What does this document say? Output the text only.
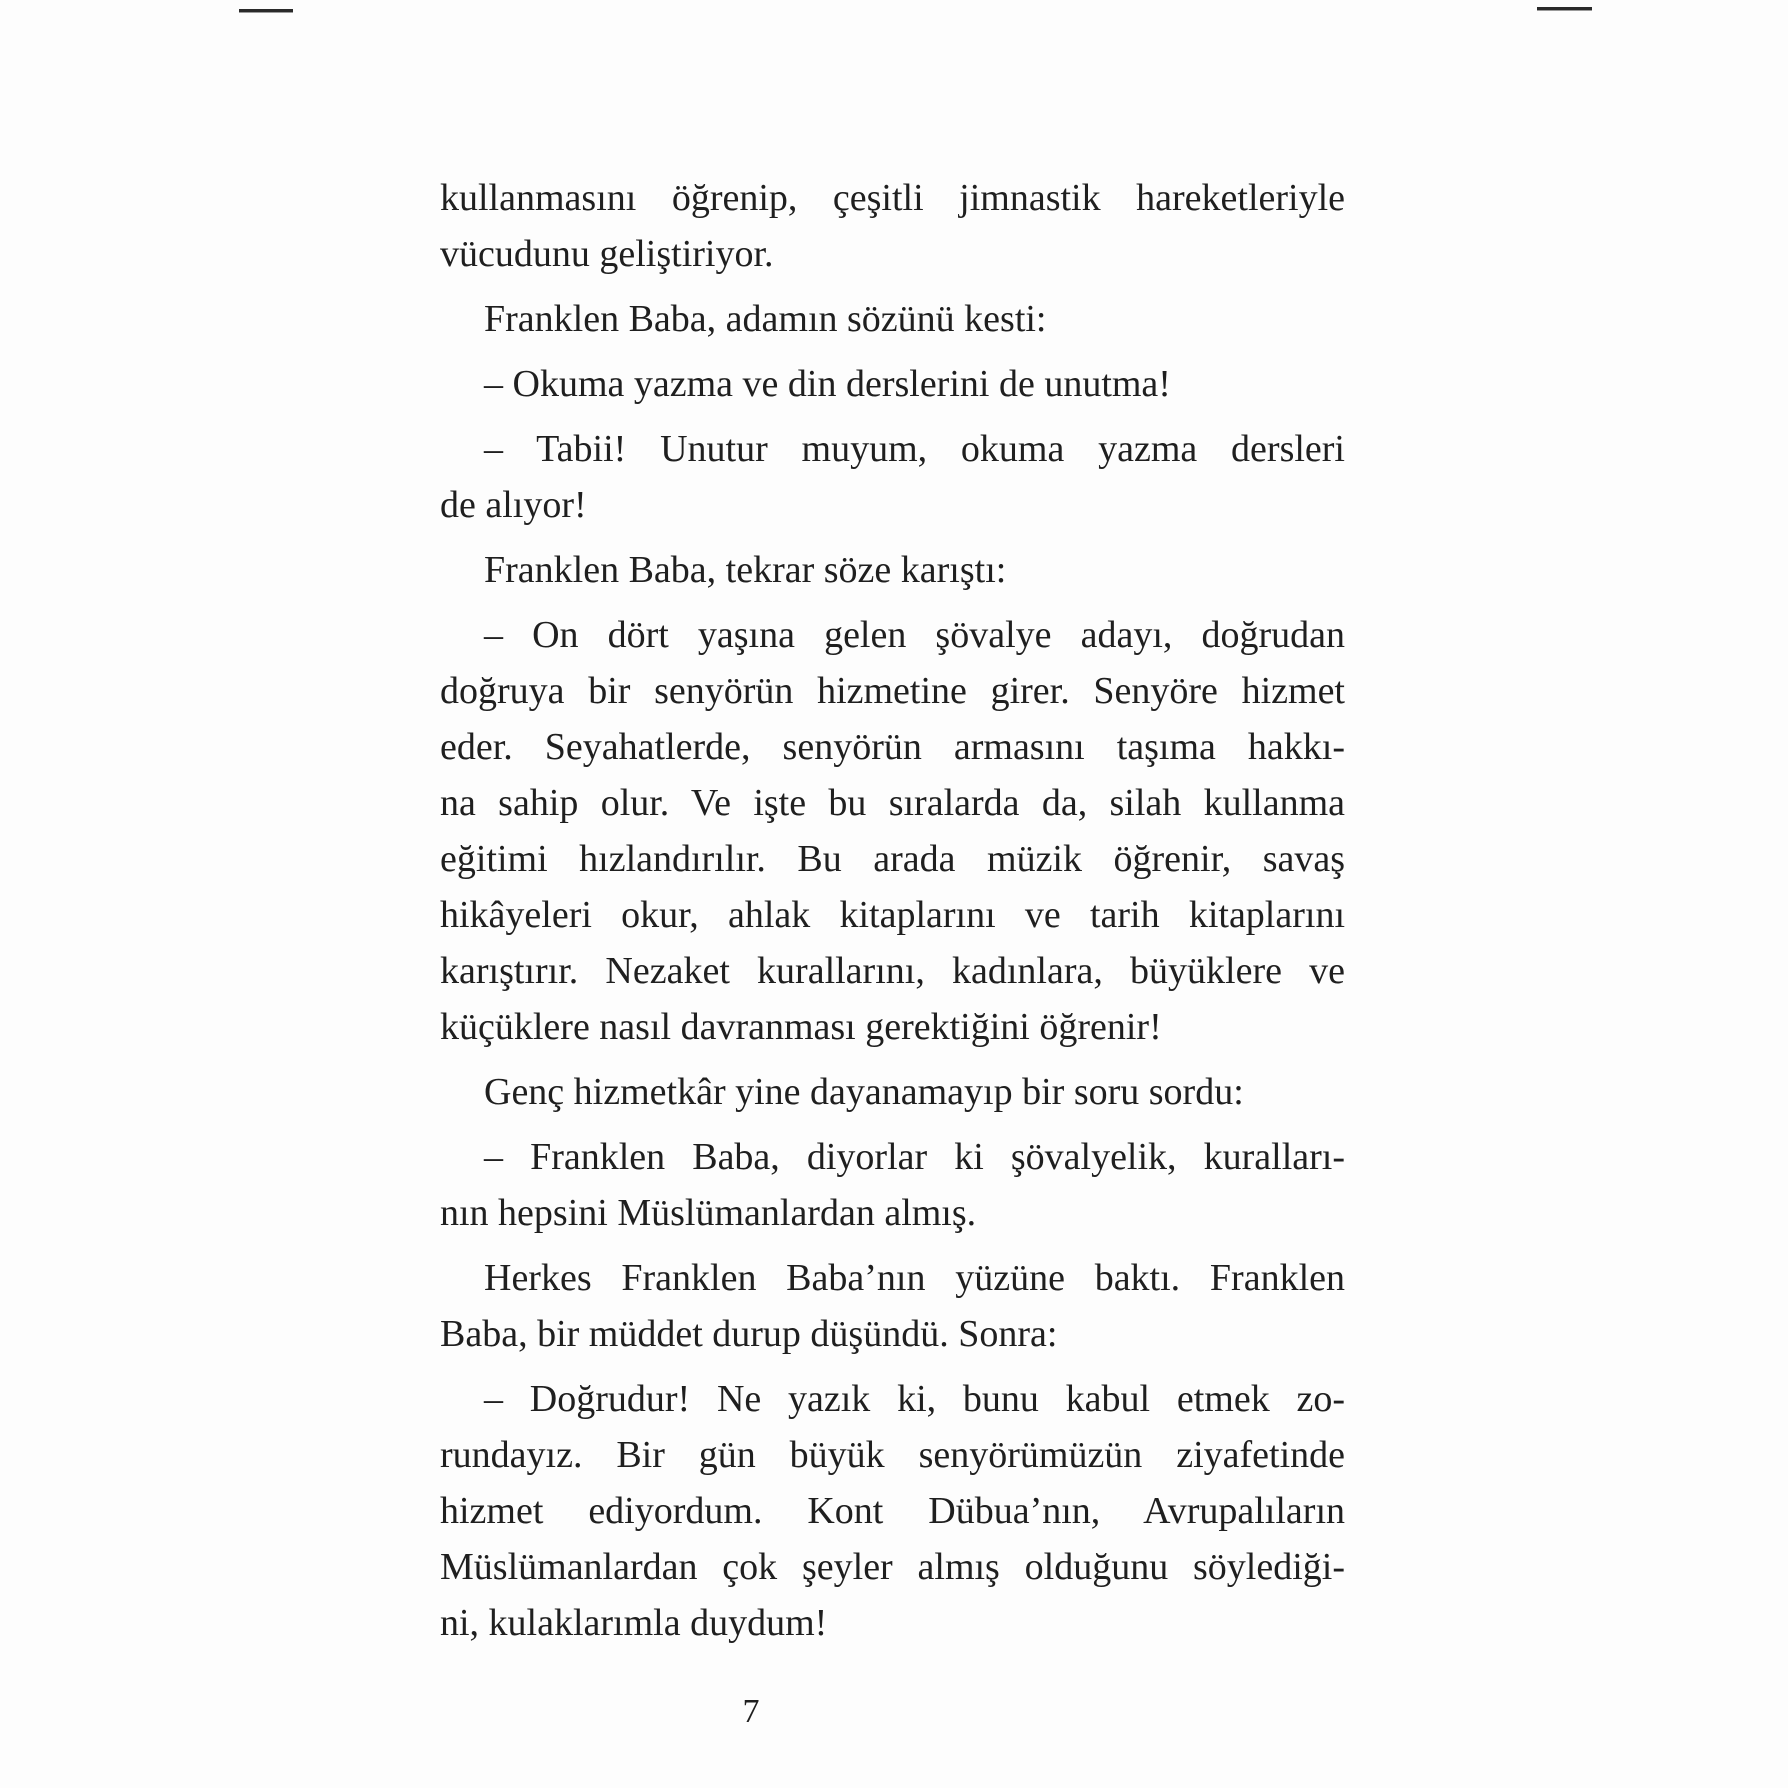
kullanmasını öğrenip, çeşitli jimnastik hareketleriyle
vücudunu geliştiriyor.
Franklen Baba, adamın sözünü kesti:
– Okuma yazma ve din derslerini de unutma!
– Tabii! Unutur muyum, okuma yazma dersleri
de alıyor!
Franklen Baba, tekrar söze karıştı:
– On dört yaşına gelen şövalye adayı, doğrudan
doğruya bir senyörün hizmetine girer. Senyöre hizmet
eder. Seyahatlerde, senyörün armasını taşıma hakkı-
na sahip olur. Ve işte bu sıralarda da, silah kullanma
eğitimi hızlandırılır. Bu arada müzik öğrenir, savaş
hikâyeleri okur, ahlak kitaplarını ve tarih kitaplarını
karıştırır. Nezaket kurallarını, kadınlara, büyüklere ve
küçüklere nasıl davranması gerektiğini öğrenir!
Genç hizmetkâr yine dayanamayıp bir soru sordu:
– Franklen Baba, diyorlar ki şövalyelik, kuralları-
nın hepsini Müslümanlardan almış.
Herkes Franklen Baba’nın yüzüne baktı. Franklen
Baba, bir müddet durup düşündü. Sonra:
– Doğrudur! Ne yazık ki, bunu kabul etmek zo-
rundayız. Bir gün büyük senyörümüzün ziyafetinde
hizmet ediyordum. Kont Dübua’nın, Avrupalıların
Müslümanlardan çok şeyler almış olduğunu söylediği-
ni, kulaklarımla duydum!
7
